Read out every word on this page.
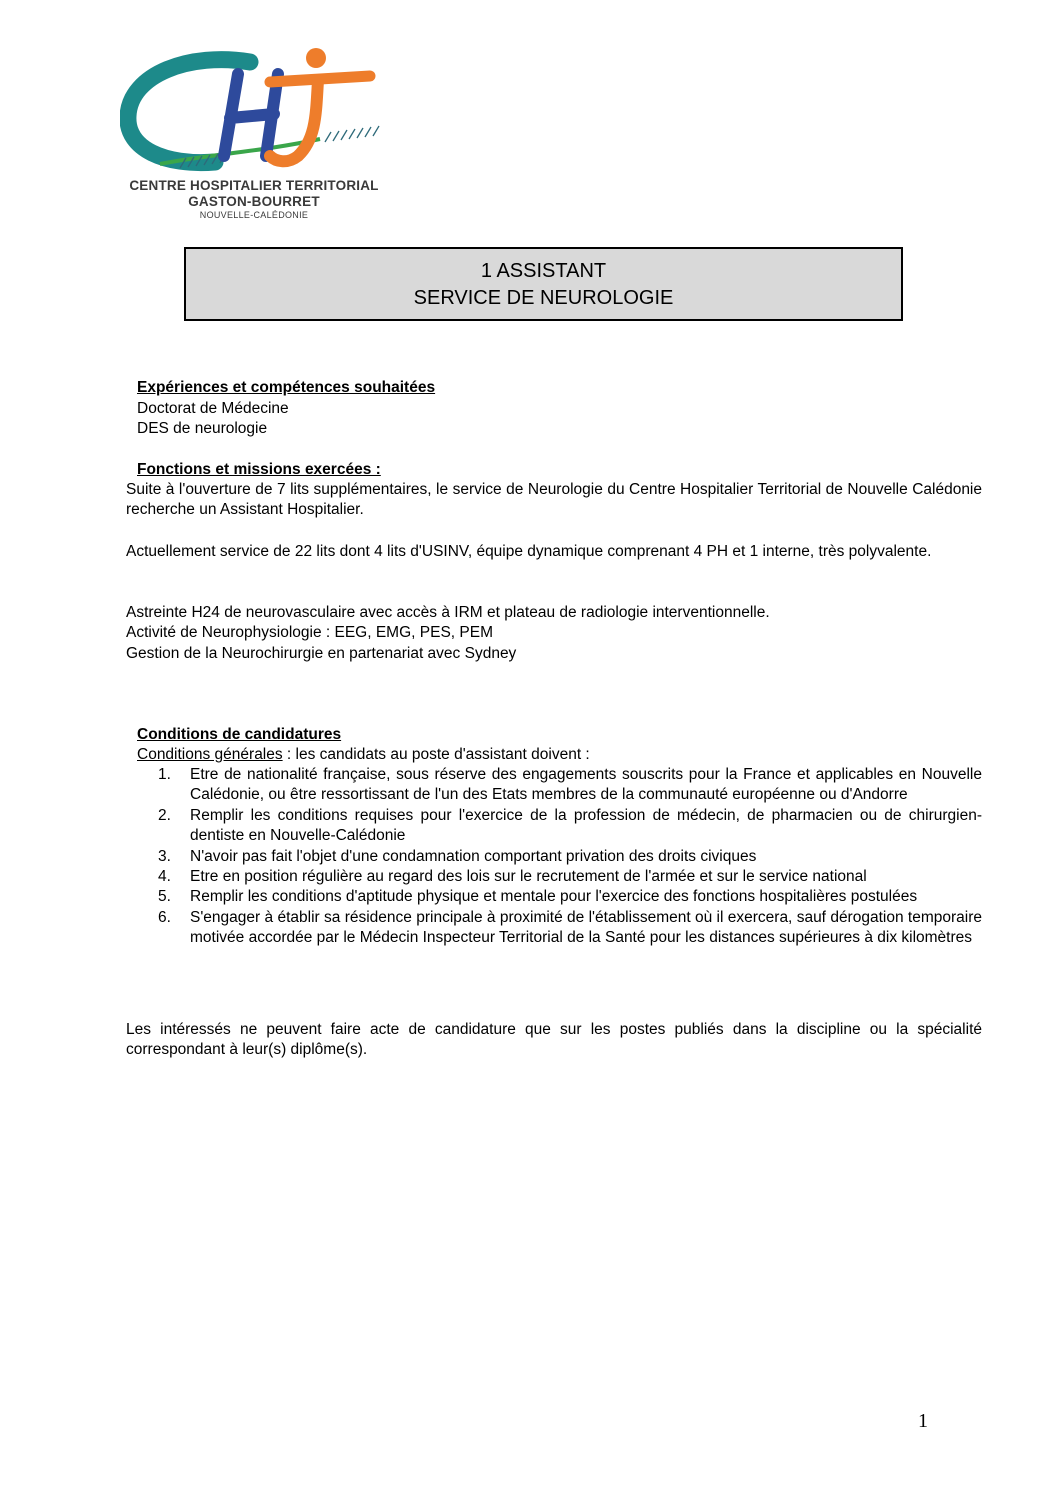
CENTRE HOSPITALIER TERRITORIAL
GASTON-BOURRET
NOUVELLE-CALÉDONIE
1 ASSISTANT
SERVICE DE NEUROLOGIE
Expériences et compétences souhaitées
Doctorat de Médecine
DES de neurologie
Fonctions et missions exercées :
Suite à l'ouverture de 7 lits supplémentaires, le service de Neurologie du Centre Hospitalier Territorial de Nouvelle Calédonie recherche un Assistant Hospitalier.
Actuellement service de 22 lits dont 4 lits d'USINV, équipe dynamique comprenant 4 PH et 1 interne, très polyvalente.
Astreinte H24 de neurovasculaire avec accès à IRM et plateau de radiologie interventionnelle.
Activité de Neurophysiologie : EEG, EMG, PES, PEM
Gestion de la Neurochirurgie en partenariat avec Sydney
Conditions de candidatures
Conditions générales : les candidats au poste d'assistant doivent :
1. Etre de nationalité française, sous réserve des engagements souscrits pour la France et applicables en Nouvelle Calédonie, ou être ressortissant de l'un des Etats membres de la communauté européenne ou d'Andorre
2. Remplir les conditions requises pour l'exercice de la profession de médecin, de pharmacien ou de chirurgien-dentiste en Nouvelle-Calédonie
3. N'avoir pas fait l'objet d'une condamnation comportant privation des droits civiques
4. Etre en position régulière au regard des lois sur le recrutement de l'armée et sur le service national
5. Remplir les conditions d'aptitude physique et mentale pour l'exercice des fonctions hospitalières postulées
6. S'engager à établir sa résidence principale à proximité de l'établissement où il exercera, sauf dérogation temporaire motivée accordée par le Médecin Inspecteur Territorial de la Santé pour les distances supérieures à dix kilomètres
Les intéressés ne peuvent faire acte de candidature que sur les postes publiés dans la discipline ou la spécialité correspondant à leur(s) diplôme(s).
1
